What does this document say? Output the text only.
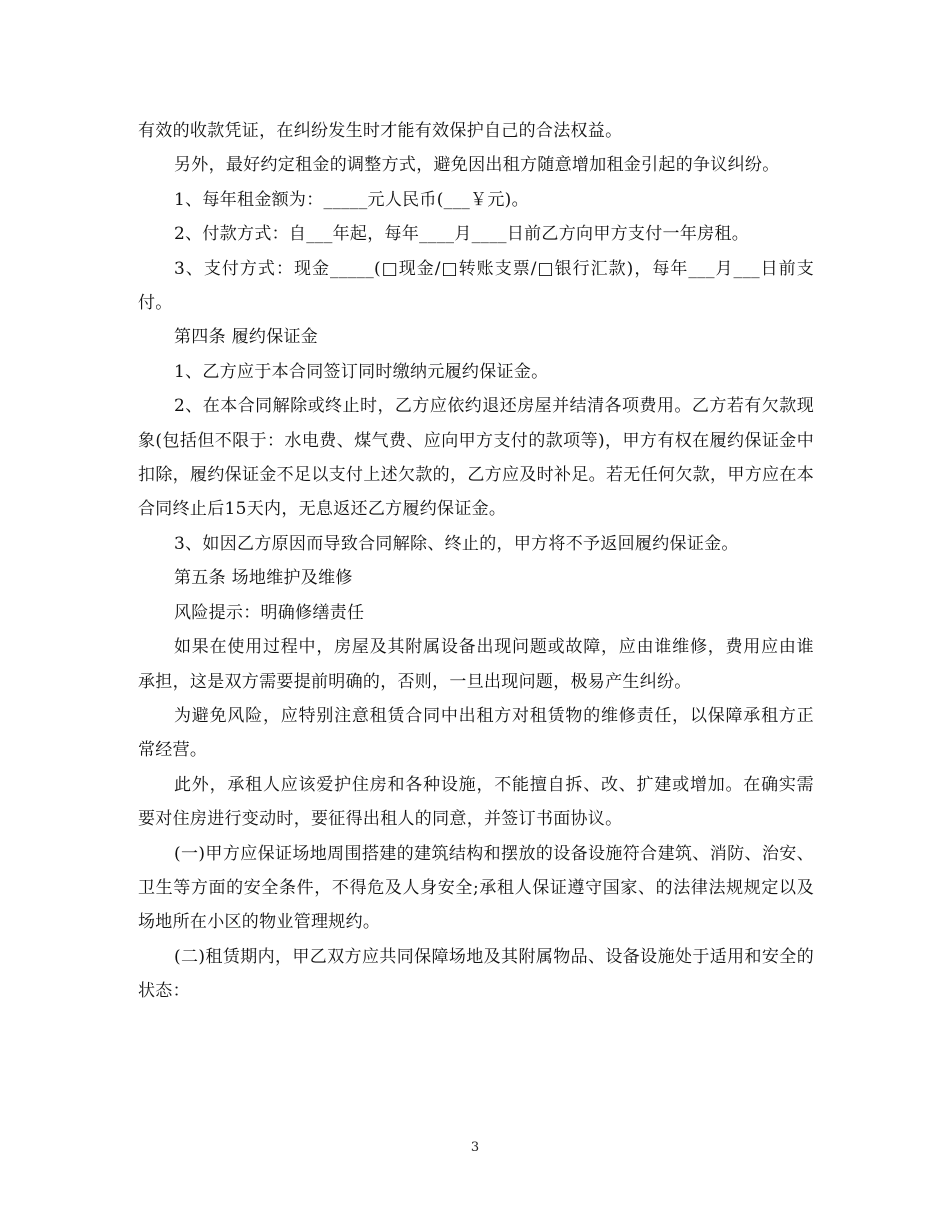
有效的收款凭证，在纠纷发生时才能有效保护自己的合法权益。

另外，最好约定租金的调整方式，避免因出租方随意增加租金引起的争议纠纷。

1、每年租金额为：_____元人民币(___￥元)。

2、付款方式：自___年起，每年____月____日前乙方向甲方支付一年房租。

3、支付方式：现金_____(□现金/□转账支票/□银行汇款)，每年___月___日前支付。

第四条 履约保证金

1、乙方应于本合同签订同时缴纳元履约保证金。

2、在本合同解除或终止时，乙方应依约退还房屋并结清各项费用。乙方若有欠款现象(包括但不限于：水电费、煤气费、应向甲方支付的款项等)，甲方有权在履约保证金中扣除，履约保证金不足以支付上述欠款的，乙方应及时补足。若无任何欠款，甲方应在本合同终止后15天内，无息返还乙方履约保证金。

3、如因乙方原因而导致合同解除、终止的，甲方将不予返回履约保证金。

第五条 场地维护及维修

风险提示：明确修缮责任

如果在使用过程中，房屋及其附属设备出现问题或故障，应由谁维修，费用应由谁承担，这是双方需要提前明确的，否则，一旦出现问题，极易产生纠纷。

为避免风险，应特别注意租赁合同中出租方对租赁物的维修责任，以保障承租方正常经营。

此外，承租人应该爱护住房和各种设施，不能擅自拆、改、扩建或增加。在确实需要对住房进行变动时，要征得出租人的同意，并签订书面协议。

(一)甲方应保证场地周围搭建的建筑结构和摆放的设备设施符合建筑、消防、治安、卫生等方面的安全条件，不得危及人身安全;承租人保证遵守国家、的法律法规规定以及场地所在小区的物业管理规约。

(二)租赁期内，甲乙双方应共同保障场地及其附属物品、设备设施处于适用和安全的状态：

3
